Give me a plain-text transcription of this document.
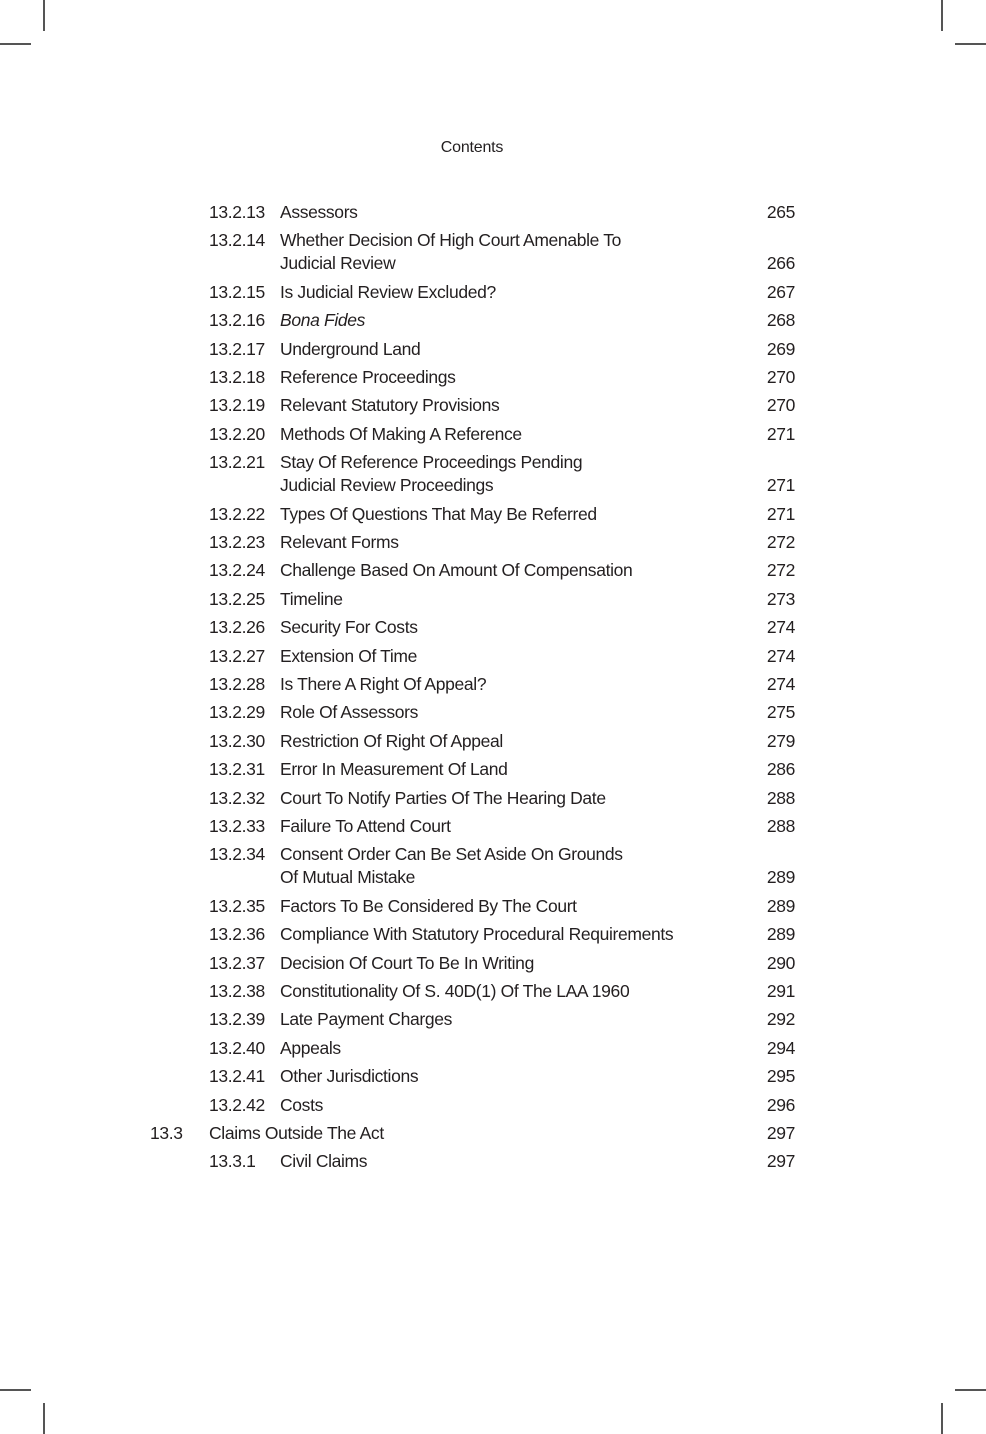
Contents
13.2.13 Assessors	265
13.2.14 Whether Decision Of High Court Amenable To
Judicial Review	266
13.2.15 Is Judicial Review Excluded?	267
13.2.16 Bona Fides	268
13.2.17 Underground Land	269
13.2.18 Reference Proceedings	270
13.2.19 Relevant Statutory Provisions	270
13.2.20 Methods Of Making A Reference	271
13.2.21 Stay Of Reference Proceedings Pending
Judicial Review Proceedings	271
13.2.22 Types Of Questions That May Be Referred	271
13.2.23 Relevant Forms	272
13.2.24 Challenge Based On Amount Of Compensation	272
13.2.25 Timeline	273
13.2.26 Security For Costs	274
13.2.27 Extension Of Time	274
13.2.28 Is There A Right Of Appeal?	274
13.2.29 Role Of Assessors	275
13.2.30 Restriction Of Right Of Appeal	279
13.2.31 Error In Measurement Of Land	286
13.2.32 Court To Notify Parties Of The Hearing Date	288
13.2.33 Failure To Attend Court	288
13.2.34 Consent Order Can Be Set Aside On Grounds
Of Mutual Mistake	289
13.2.35 Factors To Be Considered By The Court	289
13.2.36 Compliance With Statutory Procedural Requirements	289
13.2.37 Decision Of Court To Be In Writing	290
13.2.38 Constitutionality Of S. 40D(1) Of The LAA 1960	291
13.2.39 Late Payment Charges	292
13.2.40 Appeals	294
13.2.41 Other Jurisdictions	295
13.2.42 Costs	296
13.3 Claims Outside The Act	297
13.3.1 Civil Claims	297
